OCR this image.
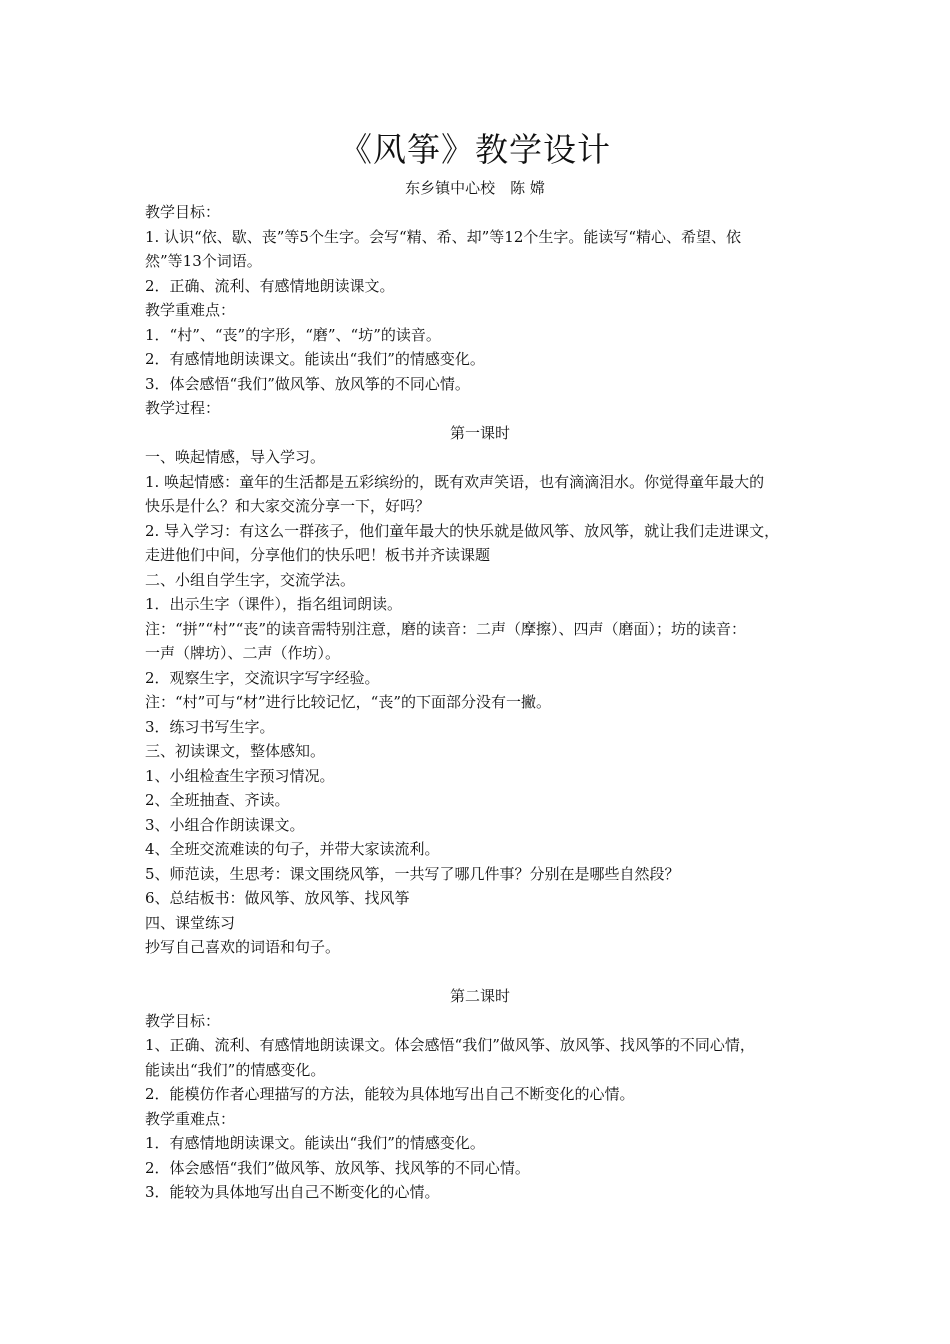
《风筝》教学设计
东乡镇中心校　陈 嫦

教学目标：

1. 认识“依、歇、丧”等5个生字。会写“精、希、却”等12个生字。能读写“精心、希望、依

然”等13个词语。

2．正确、流利、有感情地朗读课文。

教学重难点：

1．“村”、“丧”的字形，“磨”、“坊”的读音。

2．有感情地朗读课文。能读出“我们”的情感变化。

3．体会感悟“我们”做风筝、放风筝的不同心情。

教学过程：

第一课时

一、唤起情感，导入学习。

1. 唤起情感：童年的生活都是五彩缤纷的，既有欢声笑语，也有滴滴泪水。你觉得童年最大的

快乐是什么？和大家交流分享一下，好吗？

2. 导入学习：有这么一群孩子，他们童年最大的快乐就是做风筝、放风筝，就让我们走进课文，

走进他们中间，分享他们的快乐吧！板书并齐读课题

二、小组自学生字，交流学法。

1．出示生字（课件），指名组词朗读。

注：“拼”“村”“丧”的读音需特别注意，磨的读音：二声（摩擦）、四声（磨面）；坊的读音：

一声（牌坊）、二声（作坊）。

2．观察生字，交流识字写字经验。

注：“村”可与“材”进行比较记忆，“丧”的下面部分没有一撇。

3．练习书写生字。

三、初读课文，整体感知。

1、小组检查生字预习情况。

2、全班抽查、齐读。

3、小组合作朗读课文。

4、全班交流难读的句子，并带大家读流利。

5、师范读，生思考：课文围绕风筝，一共写了哪几件事？分别在是哪些自然段？

6、总结板书：做风筝、放风筝、找风筝

四、课堂练习

抄写自己喜欢的词语和句子。

第二课时

教学目标：

1、正确、流利、有感情地朗读课文。体会感悟“我们”做风筝、放风筝、找风筝的不同心情，

能读出“我们”的情感变化。

2．能模仿作者心理描写的方法，能较为具体地写出自己不断变化的心情。

教学重难点：

1．有感情地朗读课文。能读出“我们”的情感变化。

2．体会感悟“我们”做风筝、放风筝、找风筝的不同心情。

3．能较为具体地写出自己不断变化的心情。
